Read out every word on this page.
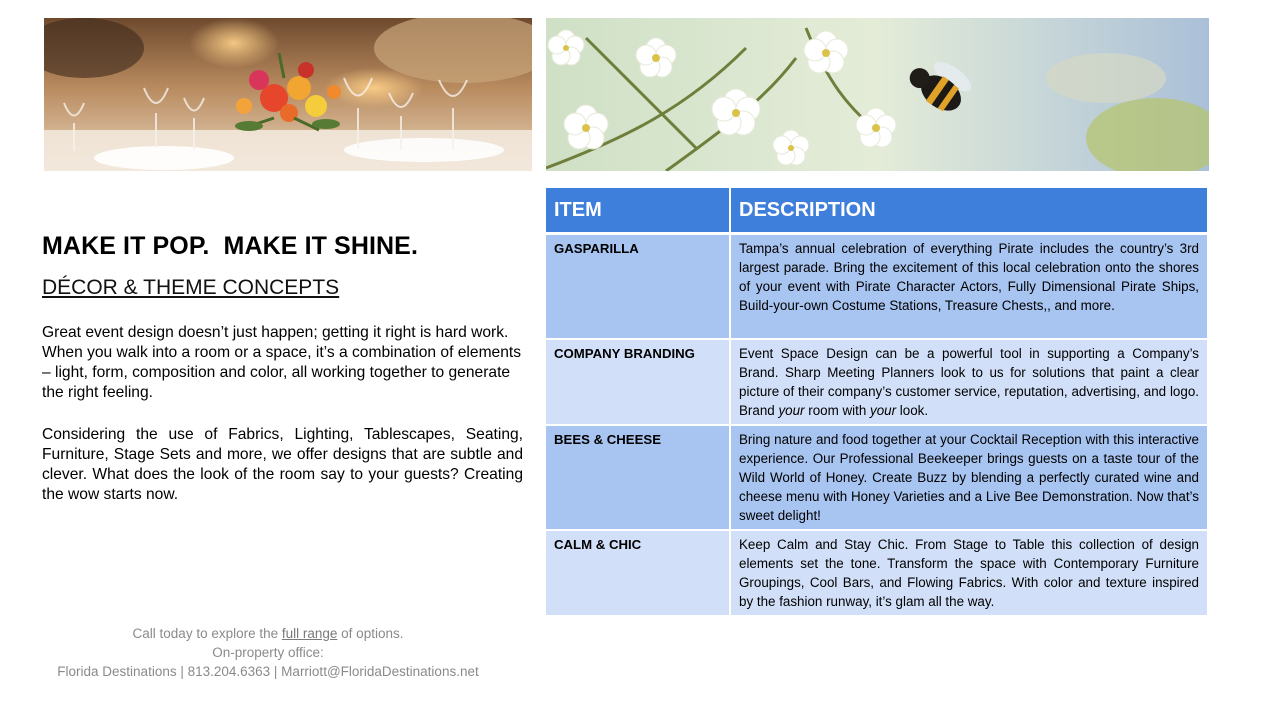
MAKE IT POP.  MAKE IT SHINE.
DÉCOR & THEME CONCEPTS

Great event design doesn’t just happen; getting it right is hard work. When you walk into a room or a space, it’s a combination of elements – light, form, composition and color, all working together to generate the right feeling.

Considering the use of Fabrics, Lighting, Tablescapes, Seating, Furniture, Stage Sets and more, we offer designs that are subtle and clever. What does the look of the room say to your guests? Creating the wow starts now.

Call today to explore the full range of options.
On-property office:
Florida Destinations | 813.204.6363 | Marriott@FloridaDestinations.net
ITEM	DESCRIPTION
GASPARILLA	Tampa’s annual celebration of everything Pirate includes the country’s 3rd largest parade. Bring the excitement of this local celebration onto the shores of your event with Pirate Character Actors, Fully Dimensional Pirate Ships, Build-your-own Costume Stations, Treasure Chests,, and more.
COMPANY BRANDING	Event Space Design can be a powerful tool in supporting a Company’s Brand. Sharp Meeting Planners look to us for solutions that paint a clear picture of their company’s customer service, reputation, advertising, and logo. Brand your room with your look.
BEES & CHEESE	Bring nature and food together at your Cocktail Reception with this interactive experience. Our Professional Beekeeper brings guests on a taste tour of the Wild World of Honey. Create Buzz by blending a perfectly curated wine and cheese menu with Honey Varieties and a Live Bee Demonstration. Now that’s sweet delight!
CALM & CHIC	Keep Calm and Stay Chic. From Stage to Table this collection of design elements set the tone. Transform the space with Contemporary Furniture Groupings, Cool Bars, and Flowing Fabrics. With color and texture inspired by the fashion runway, it’s glam all the way.
